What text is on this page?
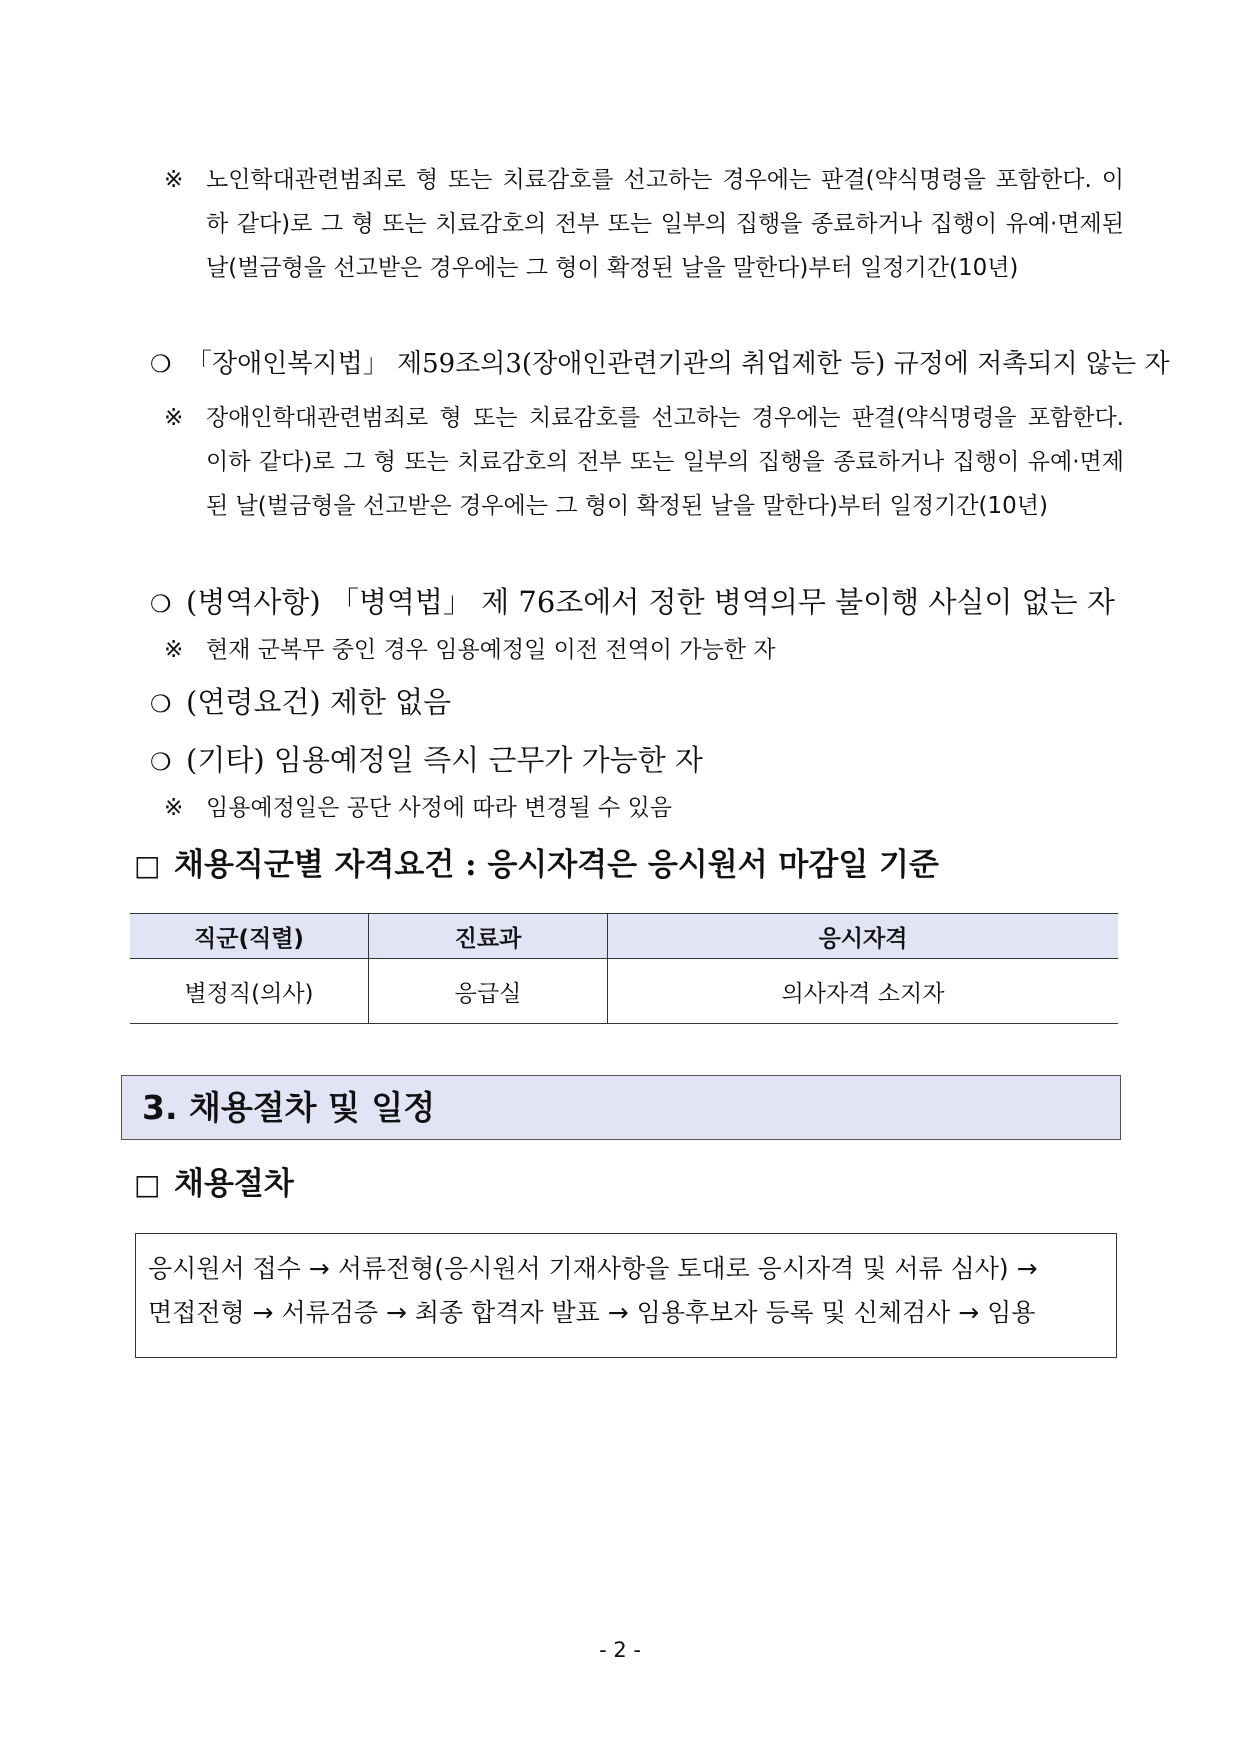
※ 노인학대관련범죄로 형 또는 치료감호를 선고하는 경우에는 판결(약식명령을 포함한다. 이하 같다)로 그 형 또는 치료감호의 전부 또는 일부의 집행을 종료하거나 집행이 유예·면제된 날(벌금형을 선고받은 경우에는 그 형이 확정된 날을 말한다)부터 일정기간(10년)
❍ 「장애인복지법」 제59조의3(장애인관련기관의 취업제한 등) 규정에 저촉되지 않는 자
※ 장애인학대관련범죄로 형 또는 치료감호를 선고하는 경우에는 판결(약식명령을 포함한다. 이하 같다)로 그 형 또는 치료감호의 전부 또는 일부의 집행을 종료하거나 집행이 유예·면제된 날(벌금형을 선고받은 경우에는 그 형이 확정된 날을 말한다)부터 일정기간(10년)
❍ (병역사항) 「병역법」 제 76조에서 정한 병역의무 불이행 사실이 없는 자
※ 현재 군복무 중인 경우 임용예정일 이전 전역이 가능한 자
❍ (연령요건) 제한 없음
❍ (기타) 임용예정일 즉시 근무가 가능한 자
※ 임용예정일은 공단 사정에 따라 변경될 수 있음
□ 채용직군별 자격요건 : 응시자격은 응시원서 마감일 기준
직군(직렬)	진료과	응시자격
별정직(의사)	응급실	의사자격 소지자
3. 채용절차 및 일정
□ 채용절차
응시원서 접수 → 서류전형(응시원서 기재사항을 토대로 응시자격 및 서류 심사) →
면접전형 → 서류검증 → 최종 합격자 발표 → 임용후보자 등록 및 신체검사 → 임용
- 2 -
